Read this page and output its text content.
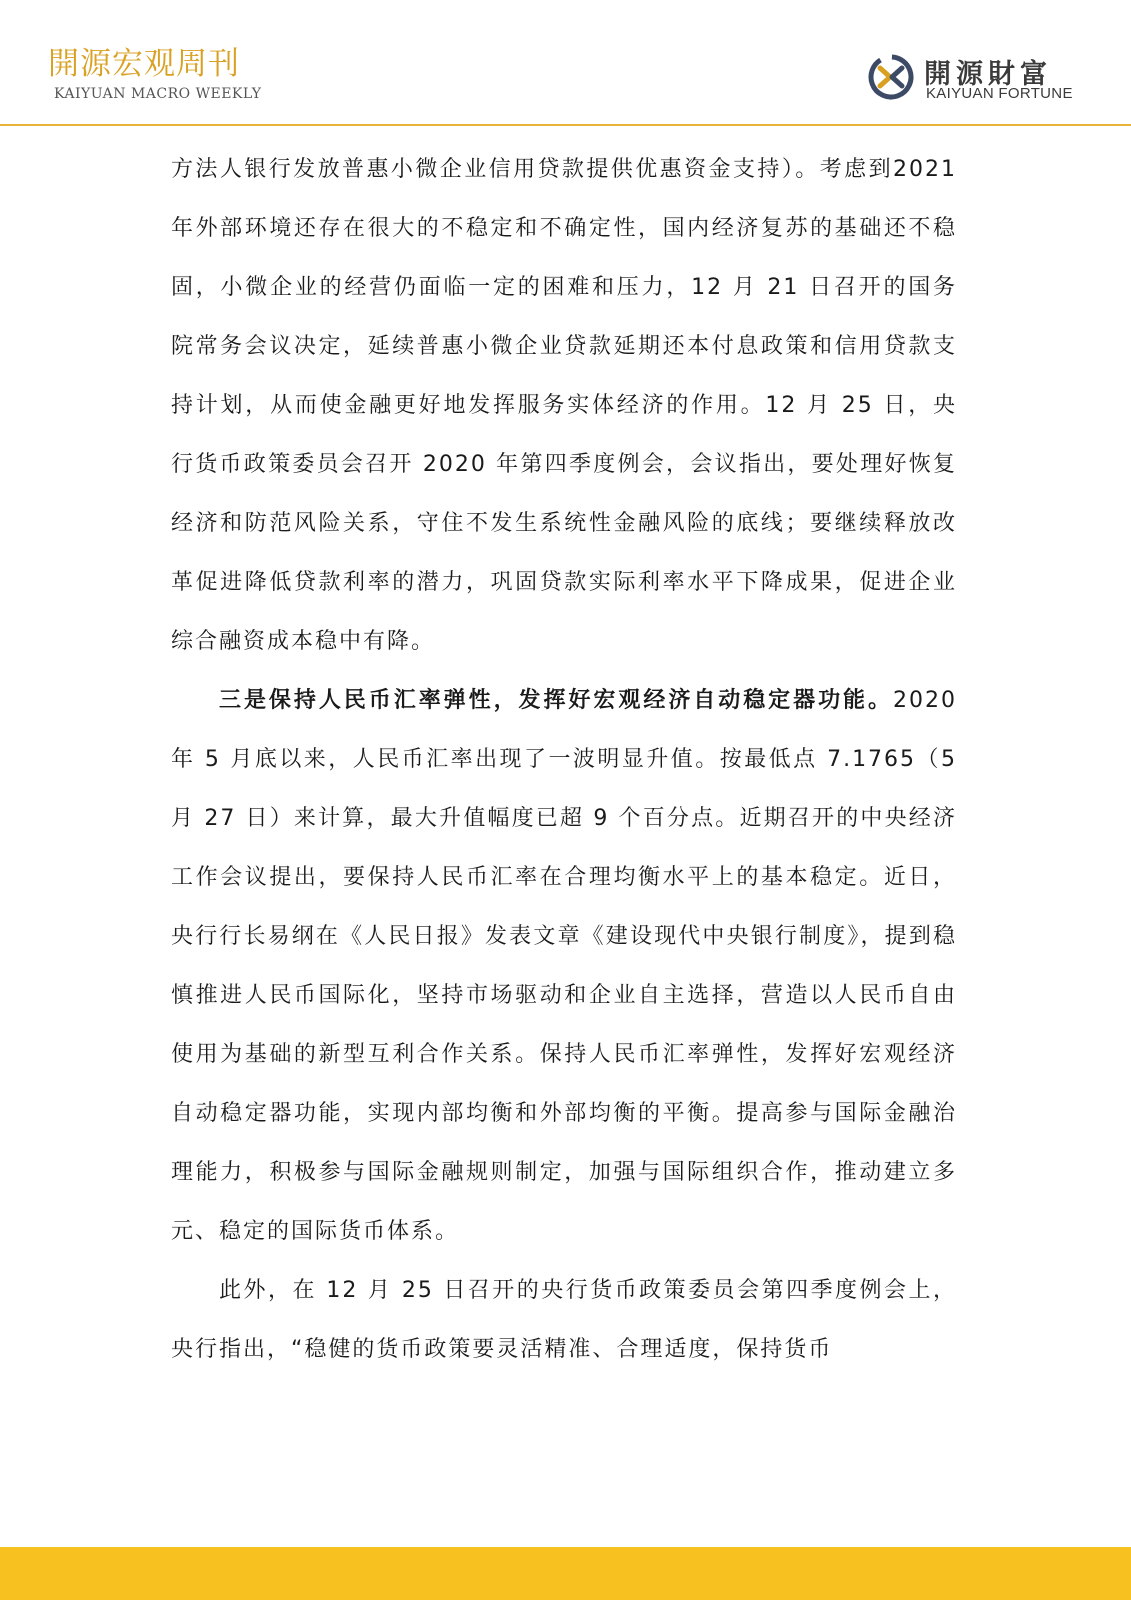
開源宏观周刊
KAIYUAN MACRO WEEKLY
開源財富
KAIYUAN FORTUNE

方法人银行发放普惠小微企业信用贷款提供优惠资金支持）。考虑到2021 年外部环境还存在很大的不稳定和不确定性，国内经济复苏的基础还不稳固，小微企业的经营仍面临一定的困难和压力，12 月 21 日召开的国务院常务会议决定，延续普惠小微企业贷款延期还本付息政策和信用贷款支持计划，从而使金融更好地发挥服务实体经济的作用。12 月 25 日，央行货币政策委员会召开 2020 年第四季度例会，会议指出，要处理好恢复经济和防范风险关系，守住不发生系统性金融风险的底线；要继续释放改革促进降低贷款利率的潜力，巩固贷款实际利率水平下降成果，促进企业综合融资成本稳中有降。

三是保持人民币汇率弹性，发挥好宏观经济自动稳定器功能。2020 年 5 月底以来，人民币汇率出现了一波明显升值。按最低点 7.1765（5 月 27 日）来计算，最大升值幅度已超 9 个百分点。近期召开的中央经济工作会议提出，要保持人民币汇率在合理均衡水平上的基本稳定。近日，央行行长易纲在《人民日报》发表文章《建设现代中央银行制度》，提到稳慎推进人民币国际化，坚持市场驱动和企业自主选择，营造以人民币自由使用为基础的新型互利合作关系。保持人民币汇率弹性，发挥好宏观经济自动稳定器功能，实现内部均衡和外部均衡的平衡。提高参与国际金融治理能力，积极参与国际金融规则制定，加强与国际组织合作，推动建立多元、稳定的国际货币体系。

此外，在 12 月 25 日召开的央行货币政策委员会第四季度例会上，央行指出，“稳健的货币政策要灵活精准、合理适度，保持货币
